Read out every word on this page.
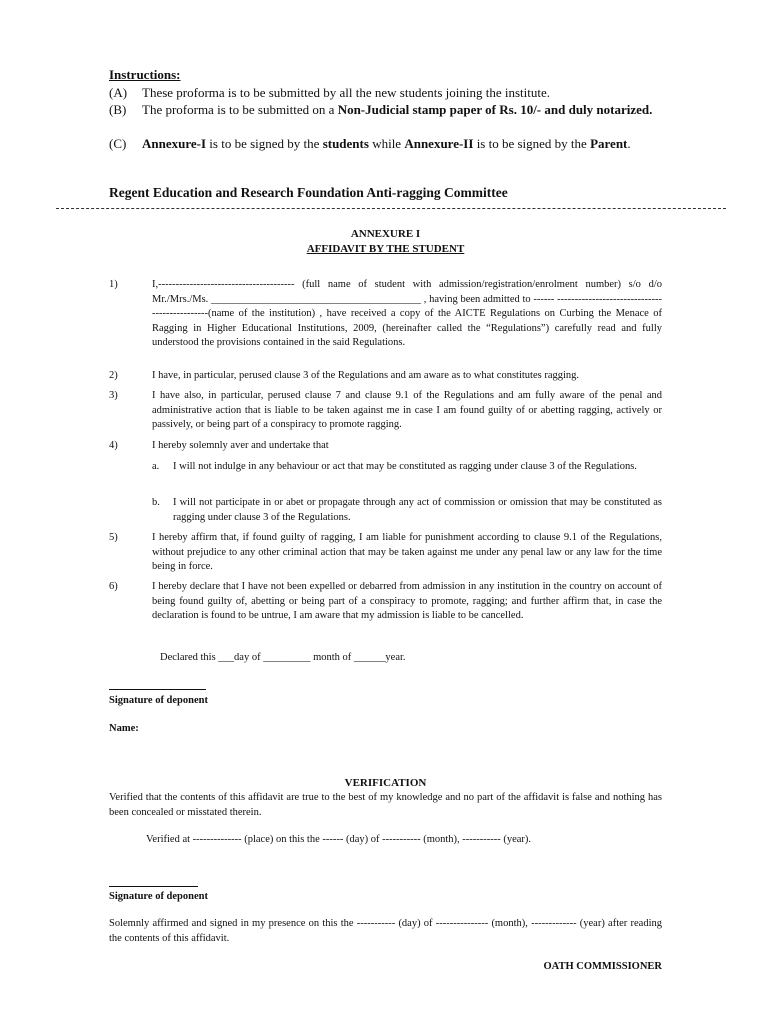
Instructions:
(A) These proforma is to be submitted by all the new students joining the institute.
(B) The proforma is to be submitted on a Non-Judicial stamp paper of Rs. 10/- and duly notarized.
(C) Annexure-I is to be signed by the students while Annexure-II is to be signed by the Parent.
Regent Education and Research Foundation Anti-ragging Committee
ANNEXURE I
AFFIDAVIT BY THE STUDENT
1)	I,--------------------------------------- (full name of student with admission/registration/enrolment number) s/o d/o Mr./Mrs./Ms. ________________________________________ , having been admitted to ------ ----------------------------------------------(name of the institution) , have received a copy of the AICTE Regulations on Curbing the Menace of Ragging in Higher Educational Institutions, 2009, (hereinafter called the “Regulations”) carefully read and fully understood the provisions contained in the said Regulations.
2)	I have, in particular, perused clause 3 of the Regulations and am aware as to what constitutes ragging.
3)	I have also, in particular, perused clause 7 and clause 9.1 of the Regulations and am fully aware of the penal and administrative action that is liable to be taken against me in case I am found guilty of or abetting ragging, actively or passively, or being part of a conspiracy to promote ragging.
4)	I hereby solemnly aver and undertake that
a. I will not indulge in any behaviour or act that may be constituted as ragging under clause 3 of the Regulations.
b. I will not participate in or abet or propagate through any act of commission or omission that may be constituted as ragging under clause 3 of the Regulations.
5)	I hereby affirm that, if found guilty of ragging, I am liable for punishment according to clause 9.1 of the Regulations, without prejudice to any other criminal action that may be taken against me under any penal law or any law for the time being in force.
6)	I hereby declare that I have not been expelled or debarred from admission in any institution in the country on account of being found guilty of, abetting or being part of a conspiracy to promote, ragging; and further affirm that, in case the declaration is found to be untrue, I am aware that my admission is liable to be cancelled.
Declared this ___day of _________ month of ______year.
Signature of deponent
Name:
VERIFICATION
Verified that the contents of this affidavit are true to the best of my knowledge and no part of the affidavit is false and nothing has been concealed or misstated therein.
Verified at -------------- (place) on this the ------ (day) of ----------- (month), ----------- (year).
Signature of deponent
Solemnly affirmed and signed in my presence on this the ----------- (day) of --------------- (month), ------------- (year) after reading the contents of this affidavit.
OATH COMMISSIONER
